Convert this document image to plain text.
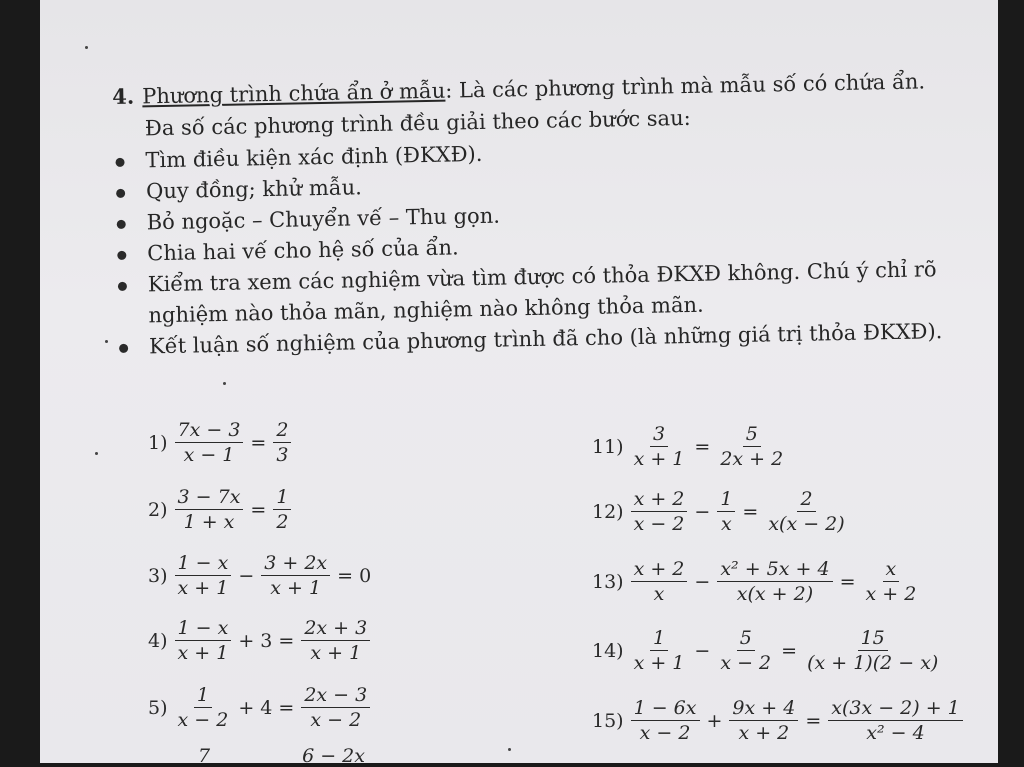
4. Phương trình chứa ẩn ở mẫu: Là các phương trình mà mẫu số có chứa ẩn.
Đa số các phương trình đều giải theo các bước sau:
Tìm điều kiện xác định (ĐKXĐ).
Quy đồng; khử mẫu.
Bỏ ngoặc – Chuyển vế – Thu gọn.
Chia hai vế cho hệ số của ẩn.
Kiểm tra xem các nghiệm vừa tìm được có thỏa ĐKXĐ không. Chú ý chỉ rõ nghiệm nào thỏa mãn, nghiệm nào không thỏa mãn.
Kết luận số nghiệm của phương trình đã cho (là những giá trị thỏa ĐKXĐ).
$1) \frac{7x - 3}{x - 1} = \frac{2}{3}$
$2) \frac{3 - 7x}{1 + x} = \frac{1}{2}$
$3) \frac{1 - x}{x + 1} - \frac{3 + 2x}{x + 1} = 0$
$4) \frac{1 - x}{x + 1} + 3 = \frac{2x + 3}{x + 1}$
$5) \frac{1}{x - 2} + 4 = \frac{2x - 3}{x - 2}$
7	6 − 2x
$11) \frac{3}{x + 1} = \frac{5}{2x + 2}$
$12) \frac{x + 2}{x - 2} - \frac{1}{x} = \frac{2}{x(x - 2)}$
$13) \frac{x + 2}{x} - \frac{\text{x² + 5x + 4}}{x(x + 2)} = \frac{x}{x + 2}$
$14) \frac{1}{x + 1} - \frac{5}{x - 2} = \frac{15}{(x + 1)(2 - x)}$
$15) \frac{1 - 6x}{x - 2} + \frac{9x + 4}{x + 2} = \frac{x(3x - 2) + 1}{\text{x² − 4}}$
